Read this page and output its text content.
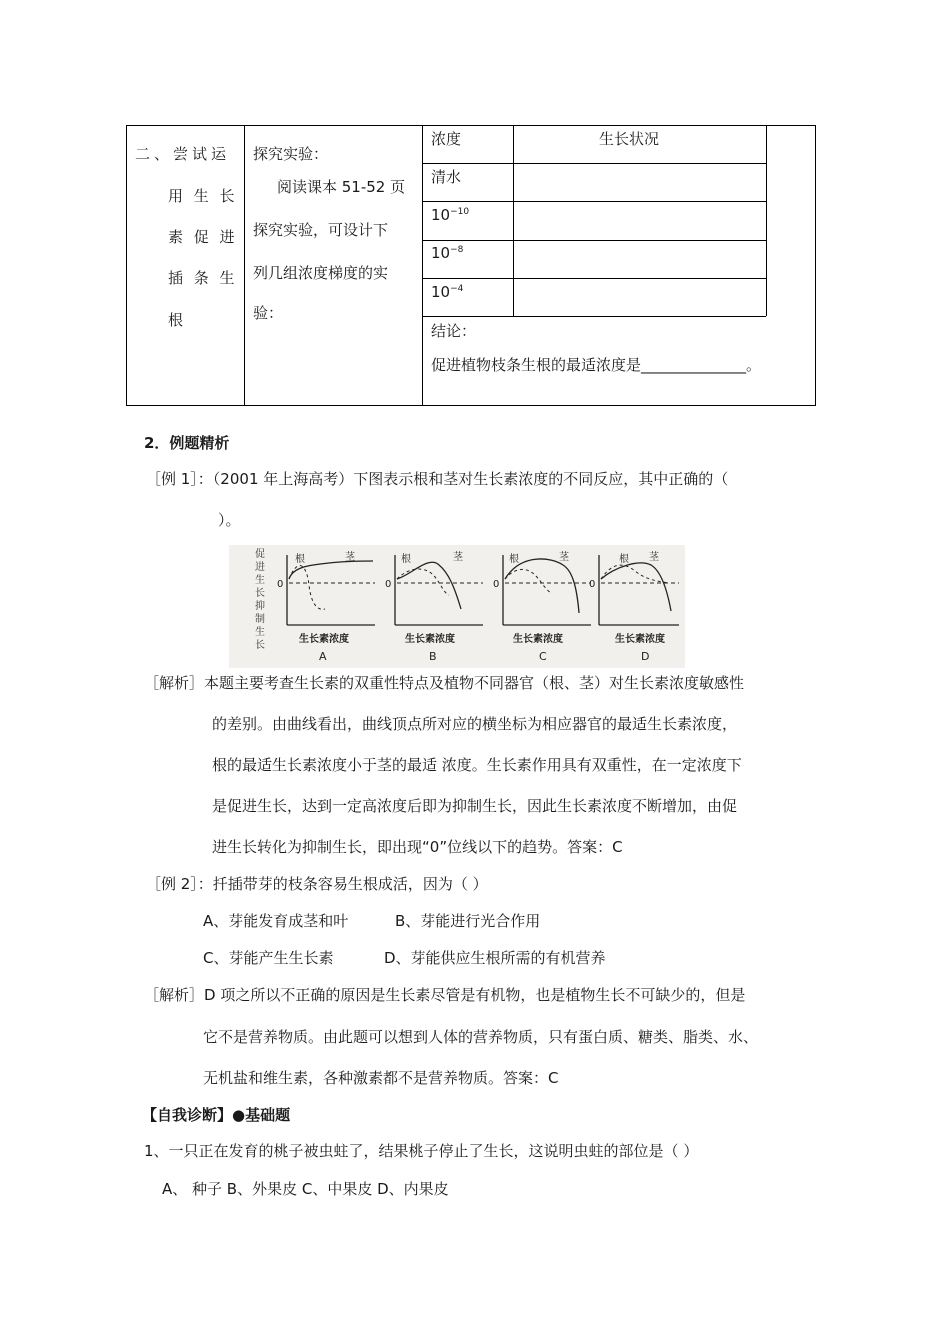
二、尝试运
用 生 长
素 促 进
插 条 生
根
探究实验：
阅读课本 51-52 页
探究实验，可设计下
列几组浓度梯度的实
验：
浓度	生长状况
清水
$10^{-10}$
$10^{-8}$
$10^{-4}$
结论：
促进植物枝条生根的最适浓度是______________。
2．例题精析
［例 1］：（2001 年上海高考）下图表示根和茎对生长素浓度的不同反应，其中正确的（
）。
促
进
生
长
抑
制
生
长
0	0	0	0
根	茎	根	茎	根	茎	根 茎
生长素浓度	生长素浓度	生长素浓度	生长素浓度
A	B	C	D
［解析］本题主要考查生长素的双重性特点及植物不同器官（根、茎）对生长素浓度敏感性
的差别。由曲线看出，曲线顶点所对应的横坐标为相应器官的最适生长素浓度，
根的最适生长素浓度小于茎的最适 浓度。生长素作用具有双重性，在一定浓度下
是促进生长，达到一定高浓度后即为抑制生长，因此生长素浓度不断增加，由促
进生长转化为抑制生长，即出现“0”位线以下的趋势。答案：C
［例 2］：扦插带芽的枝条容易生根成活，因为（ ）
A、芽能发育成茎和叶	B、芽能进行光合作用
C、芽能产生生长素	D、芽能供应生根所需的有机营养
［解析］D 项之所以不正确的原因是生长素尽管是有机物，也是植物生长不可缺少的，但是
它不是营养物质。由此题可以想到人体的营养物质，只有蛋白质、糖类、脂类、水、
无机盐和维生素，各种激素都不是营养物质。答案：C
【自我诊断】●基础题
1、一只正在发育的桃子被虫蛀了，结果桃子停止了生长，这说明虫蛀的部位是（ ）
A、 种子 B、外果皮 C、中果皮 D、内果皮
